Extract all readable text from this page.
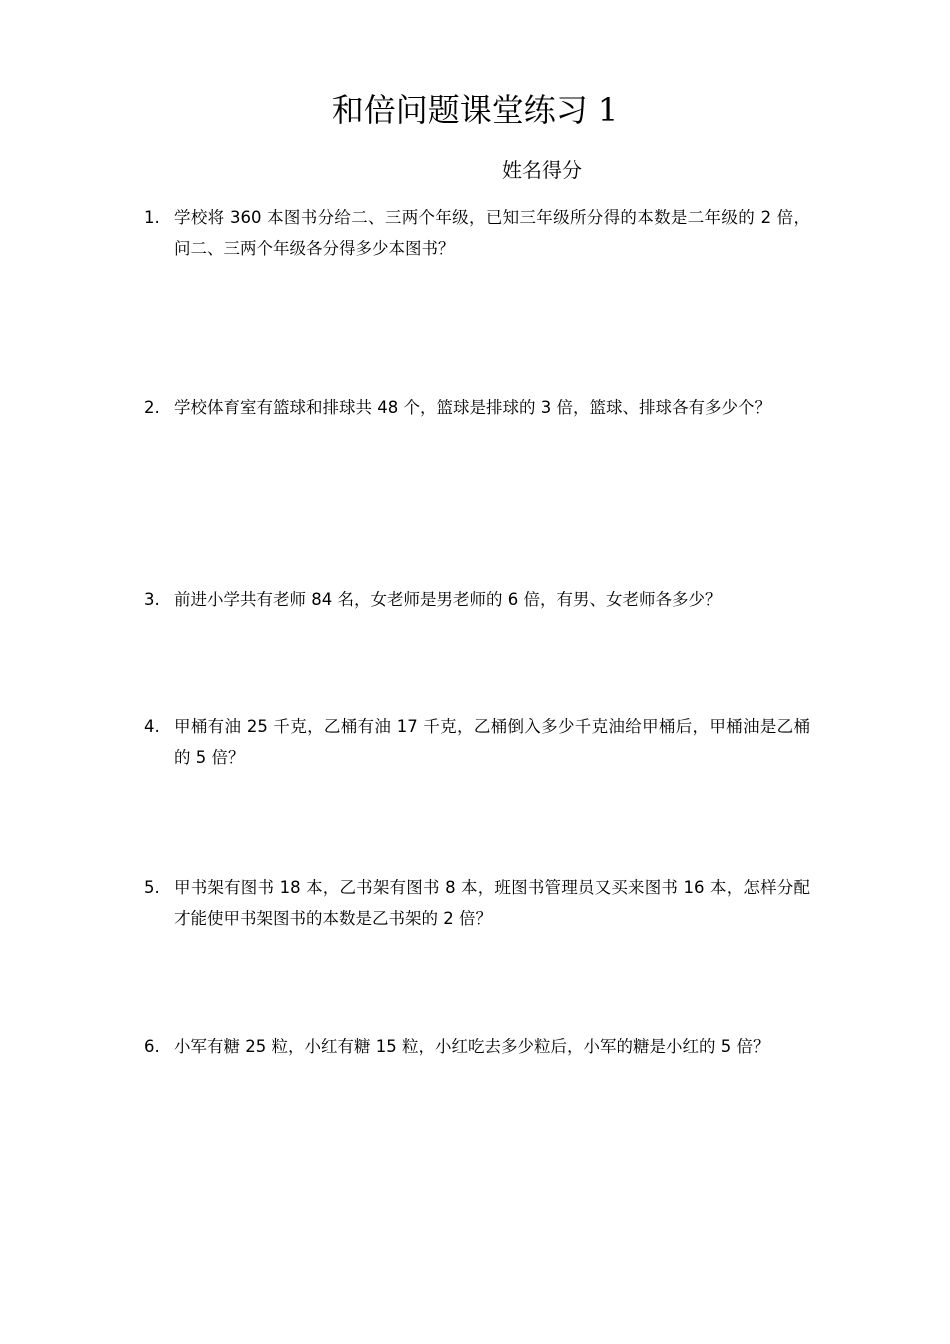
和倍问题课堂练习 1
姓名得分
1. 学校将 360 本图书分给二、三两个年级，已知三年级所分得的本数是二年级的 2 倍，问二、三两个年级各分得多少本图书？
2. 学校体育室有篮球和排球共 48 个，篮球是排球的 3 倍，篮球、排球各有多少个？
3. 前进小学共有老师 84 名，女老师是男老师的 6 倍，有男、女老师各多少？
4. 甲桶有油 25 千克，乙桶有油 17 千克，乙桶倒入多少千克油给甲桶后，甲桶油是乙桶的 5 倍？
5. 甲书架有图书 18 本，乙书架有图书 8 本，班图书管理员又买来图书 16 本，怎样分配才能使甲书架图书的本数是乙书架的 2 倍？
6. 小军有糖 25 粒，小红有糖 15 粒，小红吃去多少粒后，小军的糖是小红的 5 倍？
